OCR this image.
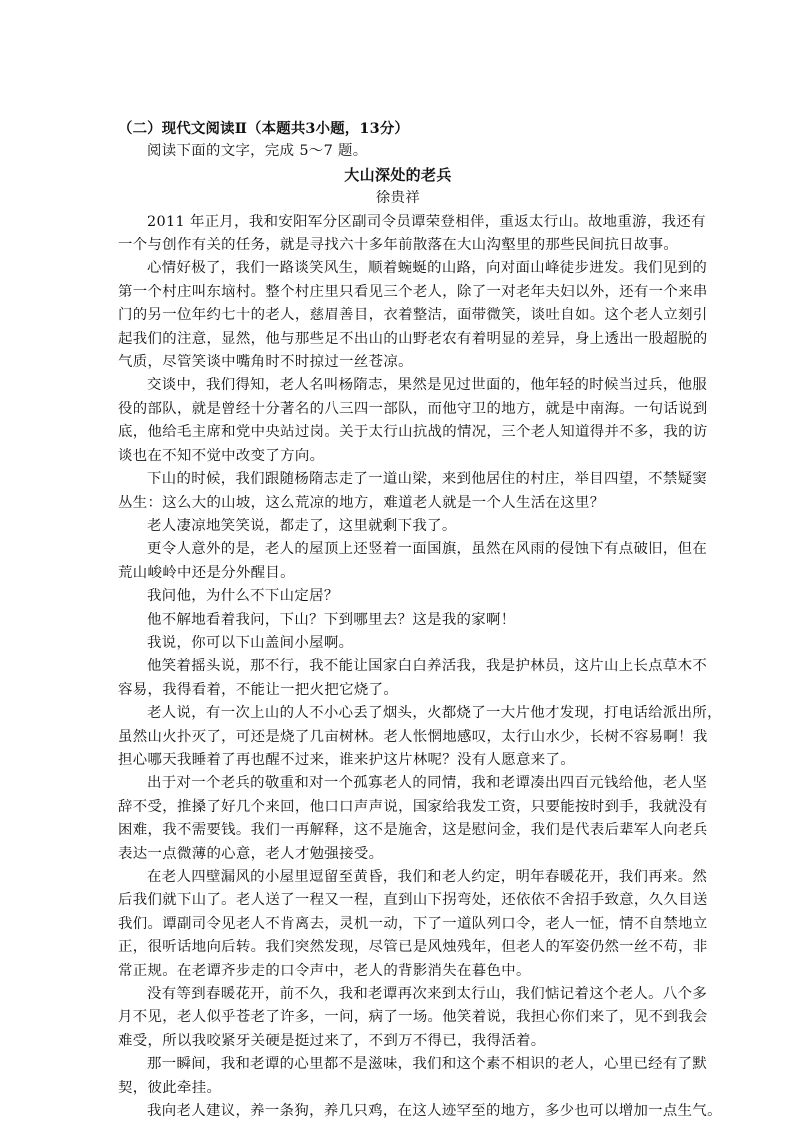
（二）现代文阅读Ⅱ（本题共3小题，13分）

阅读下面的文字，完成 5～7 题。

大山深处的老兵

徐贵祥

2011 年正月，我和安阳军分区副司令员谭荣登相伴，重返太行山。故地重游，我还有

一个与创作有关的任务，就是寻找六十多年前散落在大山沟壑里的那些民间抗日故事。

心情好极了，我们一路谈笑风生，顺着蜿蜒的山路，向对面山峰徒步进发。我们见到的

第一个村庄叫东垴村。整个村庄里只看见三个老人，除了一对老年夫妇以外，还有一个来串

门的另一位年约七十的老人，慈眉善目，衣着整洁，面带微笑，谈吐自如。这个老人立刻引

起我们的注意，显然，他与那些足不出山的山野老农有着明显的差异，身上透出一股超脱的

气质，尽管笑谈中嘴角时不时掠过一丝苍凉。

交谈中，我们得知，老人名叫杨隋志，果然是见过世面的，他年轻的时候当过兵，他服

役的部队，就是曾经十分著名的八三四一部队，而他守卫的地方，就是中南海。一句话说到

底，他给毛主席和党中央站过岗。关于太行山抗战的情况，三个老人知道得并不多，我的访

谈也在不知不觉中改变了方向。

下山的时候，我们跟随杨隋志走了一道山梁，来到他居住的村庄，举目四望，不禁疑窦

丛生：这么大的山坡，这么荒凉的地方，难道老人就是一个人生活在这里？

老人凄凉地笑笑说，都走了，这里就剩下我了。

更令人意外的是，老人的屋顶上还竖着一面国旗，虽然在风雨的侵蚀下有点破旧，但在

荒山峻岭中还是分外醒目。

我问他，为什么不下山定居？

他不解地看着我问，下山？下到哪里去？这是我的家啊！

我说，你可以下山盖间小屋啊。

他笑着摇头说，那不行，我不能让国家白白养活我，我是护林员，这片山上长点草木不

容易，我得看着，不能让一把火把它烧了。

老人说，有一次上山的人不小心丢了烟头，火都烧了一大片他才发现，打电话给派出所，

虽然山火扑灭了，可还是烧了几亩树林。老人怅惘地感叹，太行山水少，长树不容易啊！我

担心哪天我睡着了再也醒不过来，谁来护这片林呢？没有人愿意来了。

出于对一个老兵的敬重和对一个孤寡老人的同情，我和老谭凑出四百元钱给他，老人坚

辞不受，推搡了好几个来回，他口口声声说，国家给我发工资，只要能按时到手，我就没有

困难，我不需要钱。我们一再解释，这不是施舍，这是慰问金，我们是代表后辈军人向老兵

表达一点微薄的心意，老人才勉强接受。

在老人四壁漏风的小屋里逗留至黄昏，我们和老人约定，明年春暖花开，我们再来。然

后我们就下山了。老人送了一程又一程，直到山下拐弯处，还依依不舍招手致意，久久目送

我们。谭副司令见老人不肯离去，灵机一动，下了一道队列口令，老人一怔，情不自禁地立

正，很听话地向后转。我们突然发现，尽管已是风烛残年，但老人的军姿仍然一丝不苟，非

常正规。在老谭齐步走的口令声中，老人的背影消失在暮色中。

没有等到春暖花开，前不久，我和老谭再次来到太行山，我们惦记着这个老人。八个多

月不见，老人似乎苍老了许多，一问，病了一场。他笑着说，我担心你们来了，见不到我会

难受，所以我咬紧牙关硬是挺过来了，不到万不得已，我得活着。

那一瞬间，我和老谭的心里都不是滋味，我们和这个素不相识的老人，心里已经有了默

契，彼此牵挂。

我向老人建议，养一条狗，养几只鸡，在这人迹罕至的地方，多少也可以增加一点生气。
